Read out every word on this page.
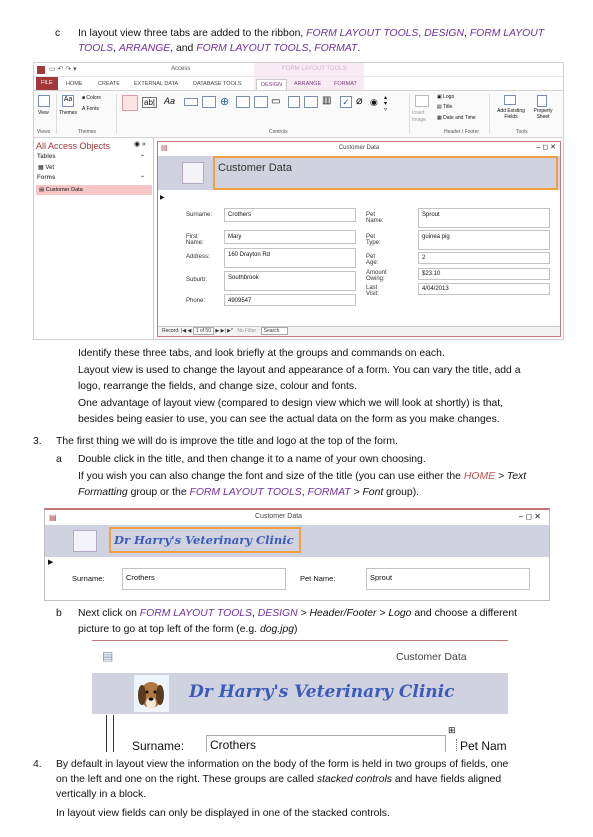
c In layout view three tabs are added to the ribbon, FORM LAYOUT TOOLS, DESIGN, FORM LAYOUT
TOOLS, ARRANGE, and FORM LAYOUT TOOLS, FORMAT.
▭ ↶ ↷ ▾	Access
FILE	HOME	CREATE	EXTERNAL DATA	DATABASE TOOLS	DESIGN	ARRANGE	FORMAT
View
Views
Aa
Themes
■ Colors
A Fonts
Themes
ab| Aa	⊕	▭	▥ ✓ ⌀ ◉ ▴
▾
▿
Controls
Insert Image
▣ Logo
▤ Title
▦ Date and Time
Header / Footer
Add Existing Fields
Property Sheet
Tools
All Access Objects	◉ «
Tables	⌃
▦ Vet
Forms	⌃
▤ Customer Data
▤	Customer Data	– ◻ ✕
Customer Data
▶
Surname:	Crothers
First Name:
Mary
Address:	160 Drayton Rd
Suburb:	Southbrook
Phone:	4909547
Pet Name:
Sprout
Pet Type:
guinea pig
Pet Age:
2
Amount Owing:
$23.10
Last Visit:
4/04/2013
Record: |◀ ◀ 1 of 50 ▶ ▶| ▶* No Filter Search
Identify these three tabs, and look briefly at the groups and commands on each.
Layout view is used to change the layout and appearance of a form. You can vary the title, add a
logo, rearrange the fields, and change size, colour and fonts.
One advantage of layout view (compared to design view which we will look at shortly) is that,
besides being easier to use, you can see the actual data on the form as you make changes.
3. The first thing we will do is improve the title and logo at the top of the form.
a Double click in the title, and then change it to a name of your own choosing.
If you wish you can also change the font and size of the title (you can use either the HOME > Text
Formatting group or the FORM LAYOUT TOOLS, FORMAT > Font group).
▤	Customer Data	– ◻ ✕
Dr Harry's Veterinary Clinic
▶
Surname:	Crothers	Pet Name:	Sprout
b Next click on FORM LAYOUT TOOLS, DESIGN > Header/Footer > Logo and choose a different
picture to go at top left of the form (e.g. dog.jpg)
▤	Customer Data
Dr Harry's Veterinary Clinic
⊞
Surname:	Crothers	Pet Nam
4. By default in layout view the information on the body of the form is held in two groups of fields, one
on the left and one on the right. These groups are called stacked controls and have fields aligned
vertically in a block.
In layout view fields can only be displayed in one of the stacked controls.
